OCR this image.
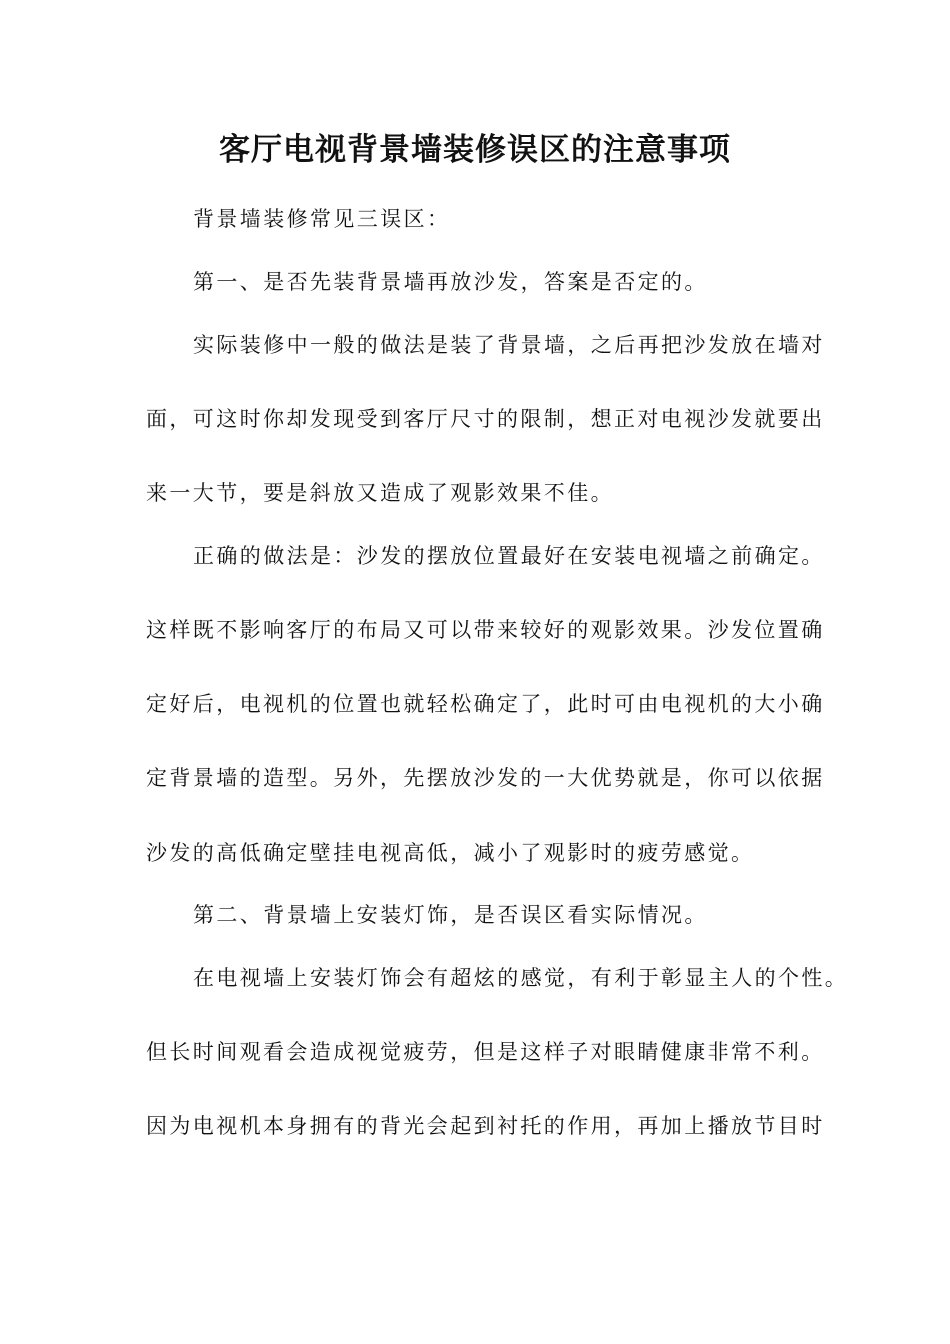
客厅电视背景墙装修误区的注意事项
背景墙装修常见三误区：
第一、是否先装背景墙再放沙发，答案是否定的。
实际装修中一般的做法是装了背景墙，之后再把沙发放在墙对
面，可这时你却发现受到客厅尺寸的限制，想正对电视沙发就要出
来一大节，要是斜放又造成了观影效果不佳。
正确的做法是：沙发的摆放位置最好在安装电视墙之前确定。
这样既不影响客厅的布局又可以带来较好的观影效果。沙发位置确
定好后，电视机的位置也就轻松确定了，此时可由电视机的大小确
定背景墙的造型。另外，先摆放沙发的一大优势就是，你可以依据
沙发的高低确定壁挂电视高低，减小了观影时的疲劳感觉。
第二、背景墙上安装灯饰，是否误区看实际情况。
在电视墙上安装灯饰会有超炫的感觉，有利于彰显主人的个性。
但长时间观看会造成视觉疲劳，但是这样子对眼睛健康非常不利。
因为电视机本身拥有的背光会起到衬托的作用，再加上播放节目时
